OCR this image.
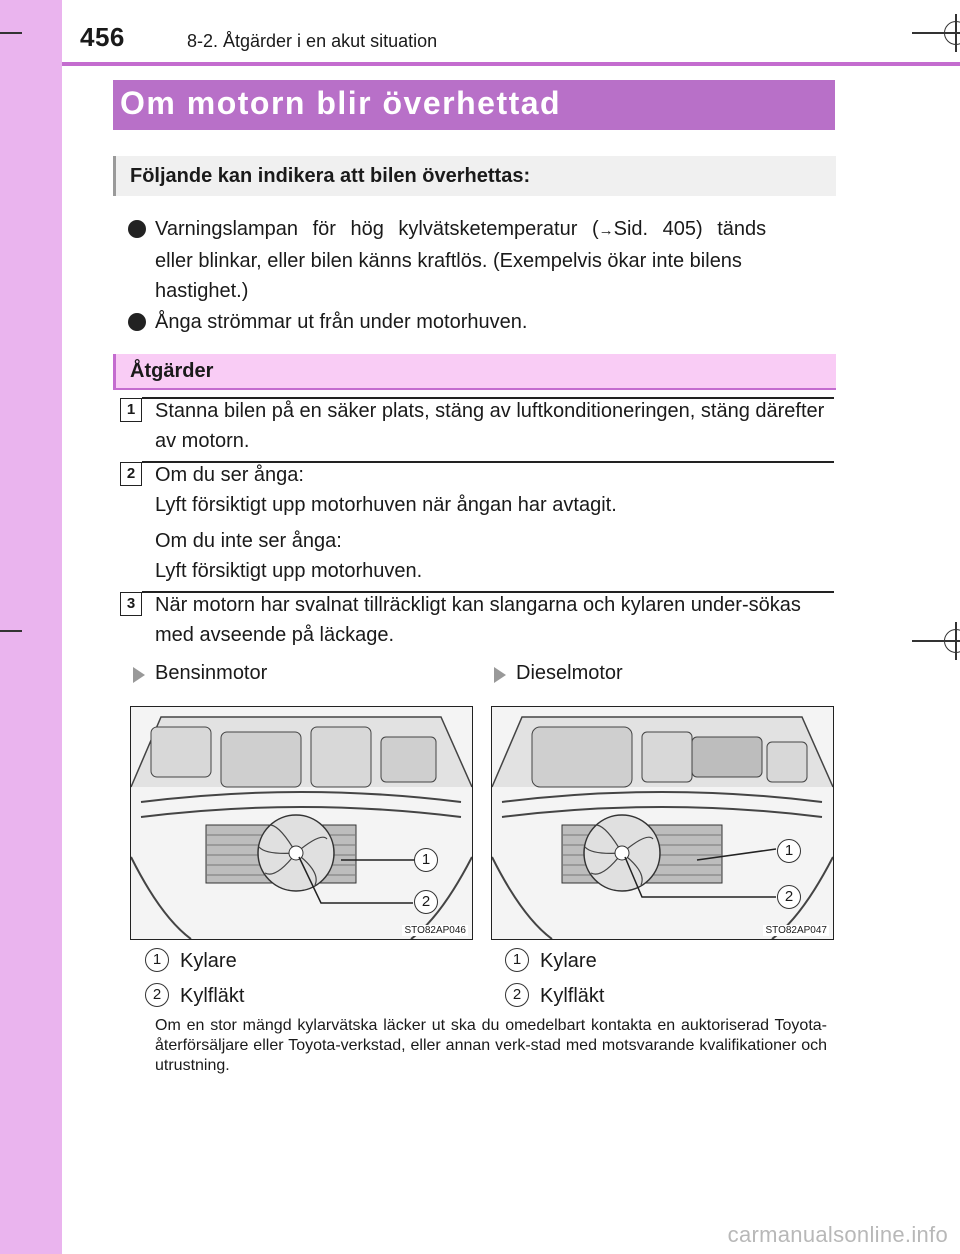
456	8-2. Åtgärder i en akut situation
Om motorn blir överhettad
Följande kan indikera att bilen överhettas:
Varningslampan för hög kylvätsketemperatur (→Sid. 405) tänds
eller blinkar, eller bilen känns kraftlös. (Exempelvis ökar inte bilens hastighet.)
Ånga strömmar ut från under motorhuven.
Åtgärder
1 Stanna bilen på en säker plats, stäng av luftkonditioneringen, stäng därefter av motorn.
2 Om du ser ånga:
Lyft försiktigt upp motorhuven när ångan har avtagit.
Om du inte ser ånga:
Lyft försiktigt upp motorhuven.
3 När motorn har svalnat tillräckligt kan slangarna och kylaren under-sökas med avseende på läckage.
Bensinmotor	Dieselmotor
1
2
STO82AP046
1
2
STO82AP047
1 Kylare
2 Kylfläkt
1 Kylare
2 Kylfläkt
Om en stor mängd kylarvätska läcker ut ska du omedelbart kontakta en auktoriserad Toyota-återförsäljare eller Toyota-verkstad, eller annan verk-stad med motsvarande kvalifikationer och utrustning.
carmanualsonline.info
